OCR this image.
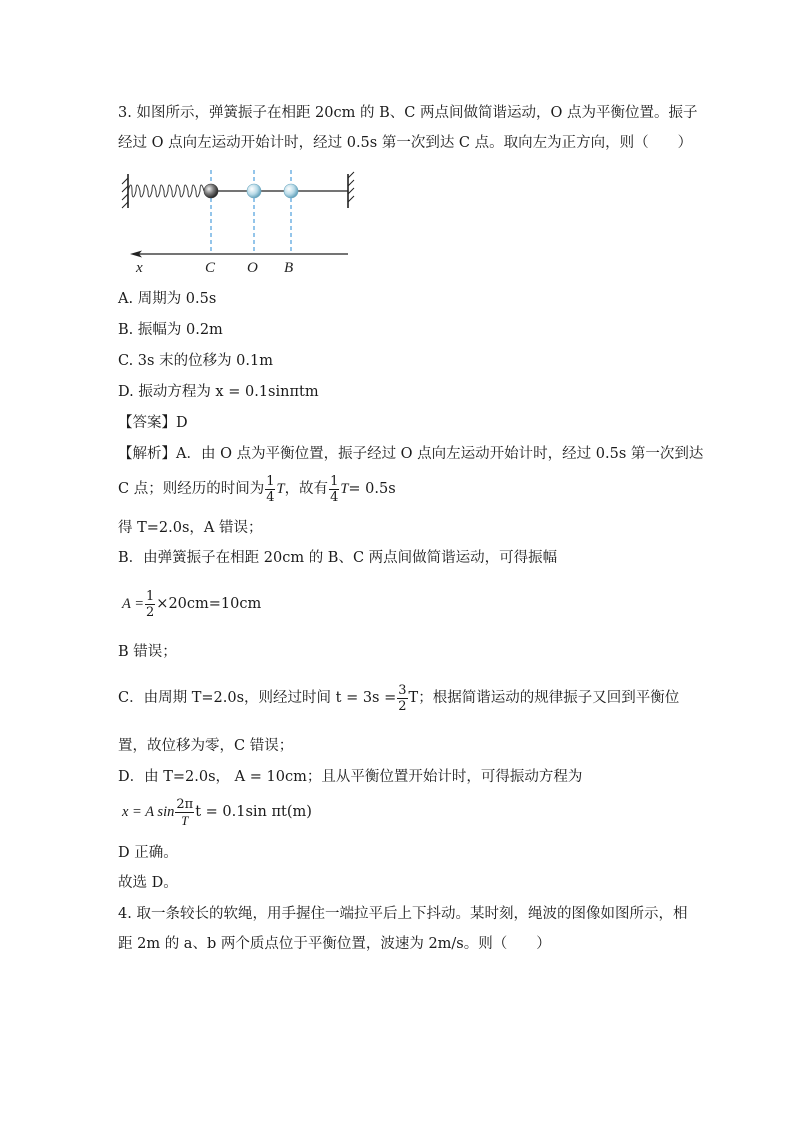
3. 如图所示，弹簧振子在相距 20cm 的 B、C 两点间做简谐运动，O 点为平衡位置。振子
经过 O 点向左运动开始计时，经过 0.5s 第一次到达 C 点。取向左为正方向，则（　　）
x	C O B
A. 周期为 0.5s
B. 振幅为 0.2m
C. 3s 末的位移为 0.1m
D. 振动方程为 x = 0.1sinπtm
【答案】D
【解析】A．由 O 点为平衡位置，振子经过 O 点向左运动开始计时，经过 0.5s 第一次到达
C 点；则经历的时间为 $\frac{1}{4}$ T，故有 $\frac{1}{4} T= 0.5s$
得 T=2.0s，A 错误；
B．由弹簧振子在相距 20cm 的 B、C 两点间做简谐运动，可得振幅
$A = \frac{1}{2} \times 20cm=10cm$
B 错误；
C．由周期 T=2.0s，则经过时间 $t = 3s = \frac{3}{2}$ T；根据简谐运动的规律振子又回到平衡位
置，故位移为零，C 错误；
D．由 T=2.0s， A = 10cm；且从平衡位置开始计时，可得振动方程为
x = A $\sin \frac{2\pi}{T}$ t = 0.1sin πt(m)
D 正确。
故选 D。
4. 取一条较长的软绳，用手握住一端拉平后上下抖动。某时刻，绳波的图像如图所示，相
距 2m 的 a、b 两个质点位于平衡位置，波速为 2m/s。则（　　）
